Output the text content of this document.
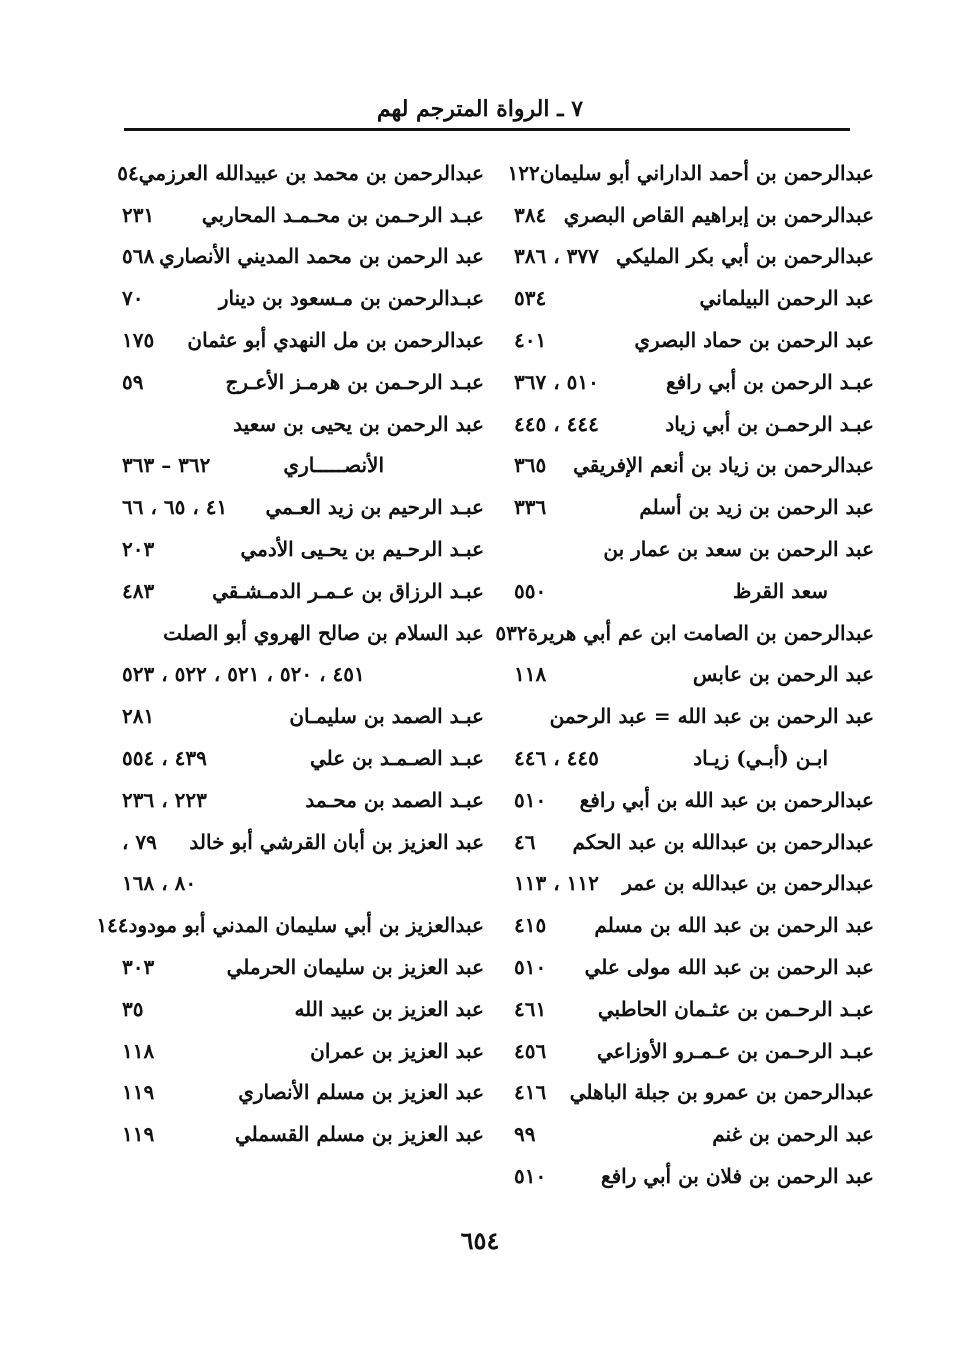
٧ ـ الرواة المترجم لهم
عبدالرحمن بن أحمد الداراني أبو سليمان
١٢٢
عبدالرحمن بن إبراهيم القاص البصري
٣٨٤
عبدالرحمن بن أبي بكر المليكي
٣٧٧ ، ٣٨٦
عبد الرحمن البيلماني
٥٣٤
عبد الرحمن بن حماد البصري
٤٠١
عبـد الرحمن بن أبي رافع
٥١٠ ، ٣٦٧
عبـد الرحمـن بن أبي زياد
٤٤٤ ، ٤٤٥
عبدالرحمن بن زياد بن أنعم الإفريقي
٣٦٥
عبد الرحمن بن زيد بن أسلم
٣٣٦
عبد الرحمن بن سعد بن عمار بن
سعد القرظ
٥٥٠
عبدالرحمن بن الصامت ابن عم أبي هريرة
٥٣٢
عبد الرحمن بن عابس
١١٨
عبد الرحمن بن عبد الله = عبد الرحمن
ابـن (أبـي) زيـاد
٤٤٥ ، ٤٤٦
عبدالرحمن بن عبد الله بن أبي رافع
٥١٠
عبدالرحمن بن عبدالله بن عبد الحكم
٤٦
عبدالرحمن بن عبدالله بن عمر
١١٢ ، ١١٣
عبد الرحمن بن عبد الله بن مسلم
٤١٥
عبد الرحمن بن عبد الله مولى علي
٥١٠
عبـد الرحـمن بن عثـمان الحاطبي
٤٦١
عبـد الرحـمن بن عـمـرو الأوزاعي
٤٥٦
عبدالرحمن بن عمرو بن جبلة الباهلي
٤١٦
عبد الرحمن بن غنم
٩٩
عبد الرحمن بن فلان بن أبي رافع
٥١٠
عبدالرحمن بن محمد بن عبيدالله العرزمي
٥٤
عبـد الرحـمن بن محـمـد المحاربي
٢٣١
عبد الرحمن بن محمد المديني الأنصاري
٥٦٨
عبـدالرحمن بن مـسعود بن دينار
٧٠
عبدالرحمن بن مل النهدي أبو عثمان
١٧٥
عبـد الرحـمن بن هرمـز الأعـرج
٥٩
عبد الرحمن بن يحيى بن سعيد
الأنصـــــاري
٣٦٢ – ٣٦٣
عبـد الرحيم بن زيد العـمي
٤١ ، ٦٥ ، ٦٦
عبـد الرحـيم بن يحـيى الأدمي
٢٠٣
عبـد الرزاق بن عـمـر الدمـشـقي
٤٨٣
عبد السلام بن صالح الهروي أبو الصلت
٤٥١ ، ٥٢٠ ، ٥٢١ ، ٥٢٢ ، ٥٢٣
عبـد الصمد بن سليمـان
٢٨١
عبـد الصـمـد بن علي
٤٣٩ ، ٥٥٤
عبـد الصمد بن محـمد
٢٢٣ ، ٢٣٦
عبد العزيز بن أبان القرشي أبو خالد
٧٩ ،
٨٠ ، ١٦٨
عبدالعزيز بن أبي سليمان المدني أبو مودود
١٤٤
عبد العزيز بن سليمان الحرملي
٣٠٣
عبد العزيز بن عبيد الله
٣٥
عبد العزيز بن عمران
١١٨
عبد العزيز بن مسلم الأنصاري
١١٩
عبد العزيز بن مسلم القسملي
١١٩
٦٥٤
